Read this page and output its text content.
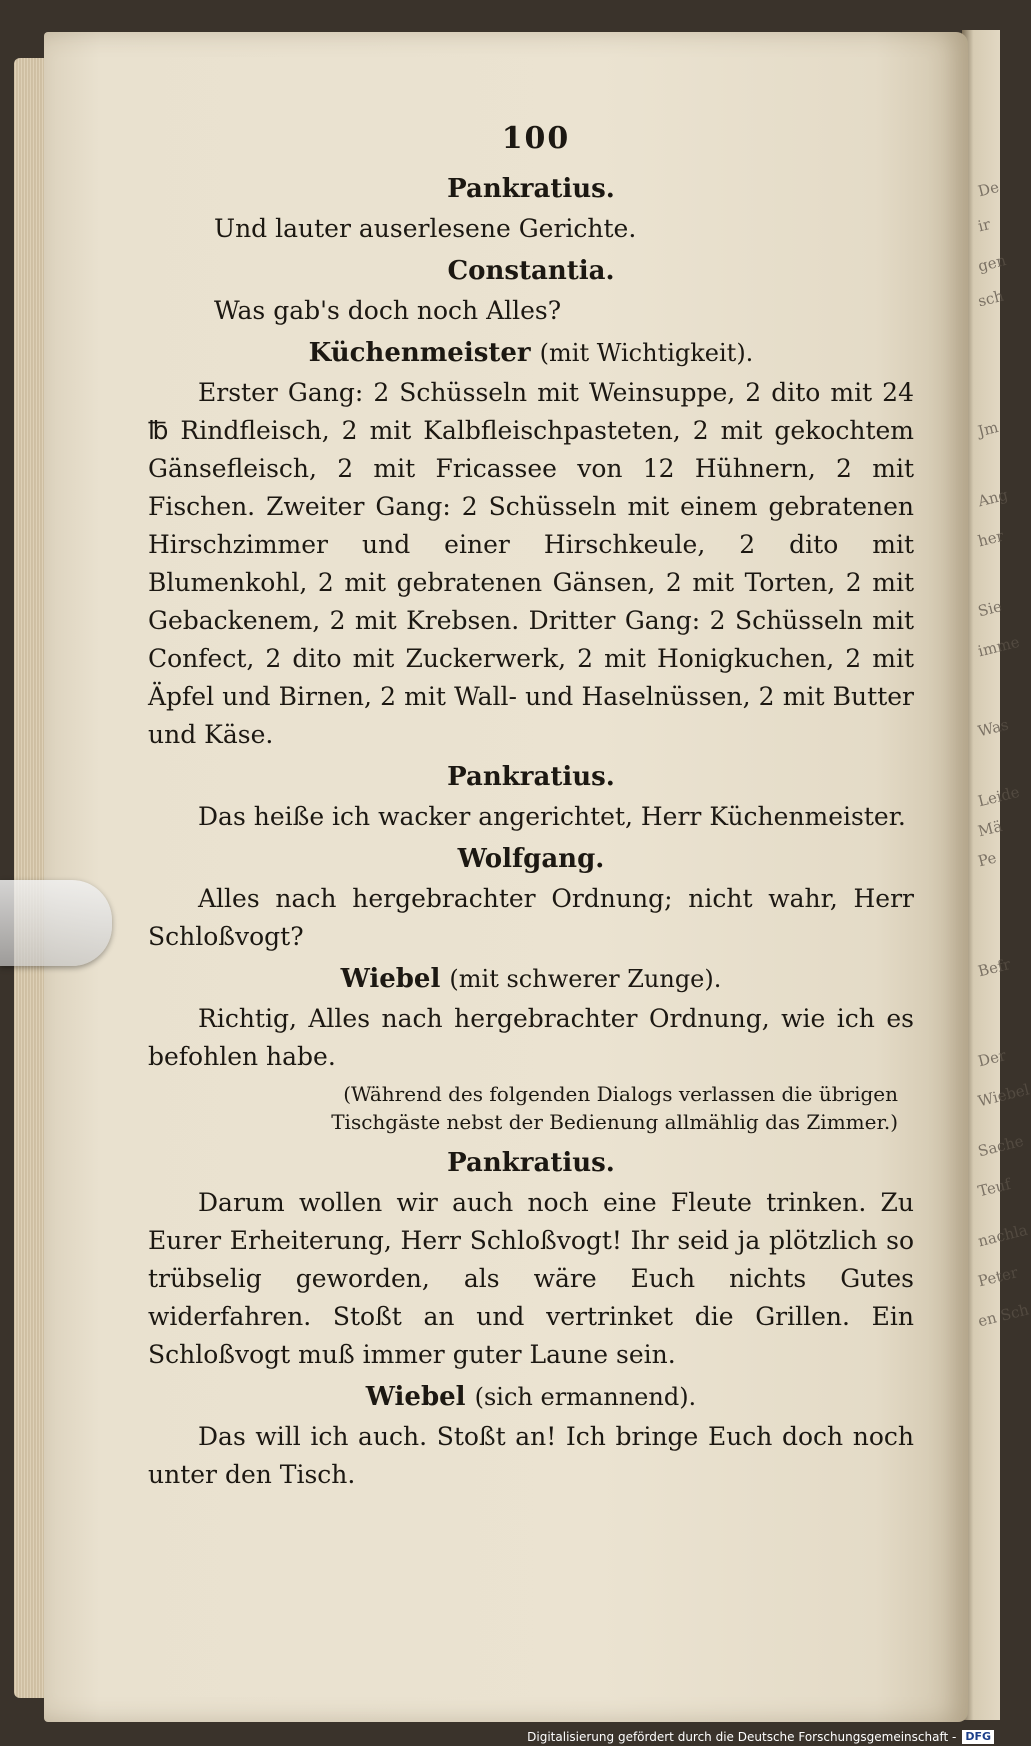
De
ir
gen
sch
Jm
Ang
her
Sie
imme
Was
Leide
Mä
Pe
Befr
Der
Wiebel
Sache
Teuf
nachla
Peter
en Sch
100
Pankratius.
Und lauter auserlesene Gerichte.
Constantia.
Was gab's doch noch Alles?
Küchenmeister (mit Wichtigkeit).
Erster Gang: 2 Schüsseln mit Weinsuppe, 2 dito mit 24 ℔ Rindfleisch, 2 mit Kalbfleischpasteten, 2 mit gekochtem Gänsefleisch, 2 mit Fricassee von 12 Hühnern, 2 mit Fischen. Zweiter Gang: 2 Schüsseln mit einem gebratenen Hirschzimmer und einer Hirschkeule, 2 dito mit Blumenkohl, 2 mit gebratenen Gänsen, 2 mit Torten, 2 mit Gebackenem, 2 mit Krebsen. Dritter Gang: 2 Schüsseln mit Confect, 2 dito mit Zuckerwerk, 2 mit Honigkuchen, 2 mit Äpfel und Birnen, 2 mit Wall- und Haselnüssen, 2 mit Butter und Käse.
Pankratius.
Das heiße ich wacker angerichtet, Herr Küchenmeister.
Wolfgang.
Alles nach hergebrachter Ordnung; nicht wahr, Herr Schloßvogt?
Wiebel (mit schwerer Zunge).
Richtig, Alles nach hergebrachter Ordnung, wie ich es befohlen habe.
(Während des folgenden Dialogs verlassen die übrigen Tischgäste nebst der Bedienung allmählig das Zimmer.)
Pankratius.
Darum wollen wir auch noch eine Fleute trinken. Zu Eurer Erheiterung, Herr Schloßvogt! Ihr seid ja plötzlich so trübselig geworden, als wäre Euch nichts Gutes widerfahren. Stoßt an und vertrinket die Grillen. Ein Schloßvogt muß immer guter Laune sein.
Wiebel (sich ermannend).
Das will ich auch. Stoßt an! Ich bringe Euch doch noch unter den Tisch.
Digitalisierung gefördert durch die Deutsche Forschungsgemeinschaft - DFG
